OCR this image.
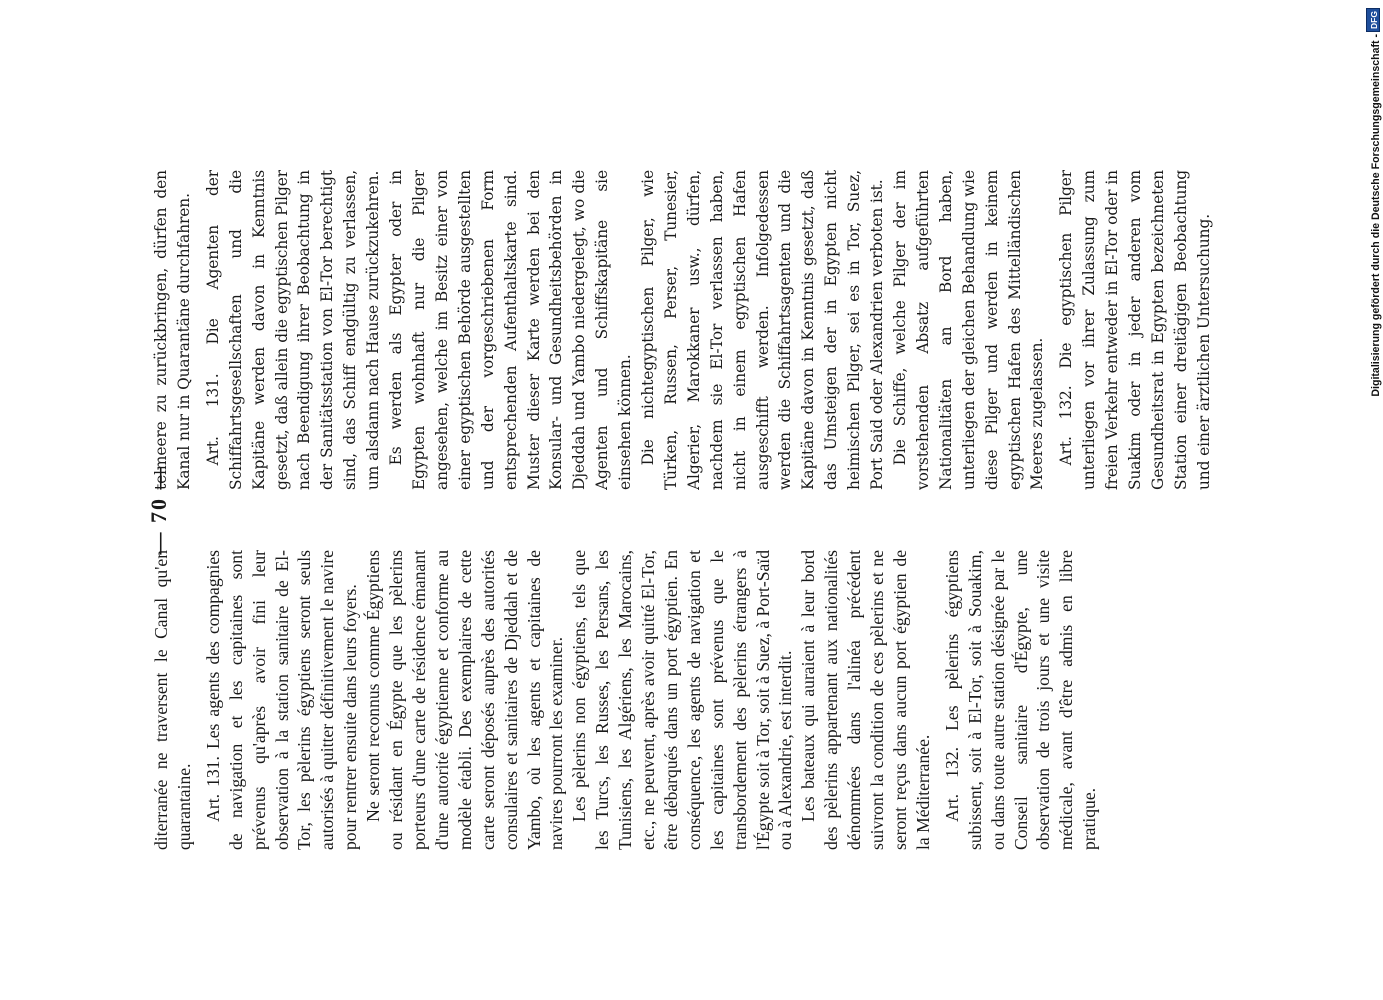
— 70 —

diterranée ne traversent le Canal qu'en quarantaine. Art. 131. Les agents des compagnies de navigation et les capitaines sont prévenus qu'après avoir fini leur observation à la station sanitaire de El-Tor, les pèlerins égyptiens seront seuls autorisés à quitter définitivement le navire pour rentrer ensuite dans leurs foyers. Ne seront reconnus comme Égyptiens ou résidant en Égypte que les pèlerins porteurs d'une carte de résidence émanant d'une autorité égyptienne et conforme au modèle établi. Des exemplaires de cette carte seront déposés auprès des autorités consulaires et sanitaires de Djeddah et de Yambo, où les agents et capitaines de navires pourront les examiner. Les pèlerins non égyptiens, tels que les Turcs, les Russes, les Persans, les Tunisiens, les Algériens, les Marocains, etc., ne peuvent, après avoir quitté El-Tor, être débarqués dans un port égyptien. En conséquence, les agents de navigation et les capitaines sont prévenus que le transbordement des pèlerins étrangers à l'Égypte soit à Tor, soit à Suez, à Port-Saïd ou à Alexandrie, est interdit. Les bateaux qui auraient à leur bord des pèlerins appartenant aux nationalités dénommées dans l'alinéa précédent suivront la condition de ces pèlerins et ne seront reçus dans aucun port égyptien de la Méditerranée. Art. 132. Les pèlerins égyptiens subissent, soit à El-Tor, soit à Souakim, ou dans toute autre station désignée par le Conseil sanitaire d'Égypte, une observation de trois jours et une visite médicale, avant d'être admis en libre pratique.

telmeere zu zurückbringen, dürfen den Kanal nur in Quarantäne durchfahren. Art. 131. Die Agenten der Schiffahrtsgesellschaften und die Kapitäne werden davon in Kenntnis gesetzt, daß allein die egyptischen Pilger nach Beendigung ihrer Beobachtung in der Sanitätsstation von El-Tor berechtigt sind, das Schiff endgültig zu verlassen, um alsdann nach Hause zurückzukehren. Es werden als Egypter oder in Egypten wohnhaft nur die Pilger angesehen, welche im Besitz einer von einer egyptischen Behörde ausgestellten und der vorgeschriebenen Form entsprechenden Aufenthaltskarte sind. Muster dieser Karte werden bei den Konsular- und Gesundheitsbehörden in Djeddah und Yambo niedergelegt, wo die Agenten und Schiffskapitäne sie einsehen können. Die nichtegyptischen Pilger, wie Türken, Russen, Perser, Tunesier, Algerier, Marokkaner usw., dürfen, nachdem sie El-Tor verlassen haben, nicht in einem egyptischen Hafen ausgeschifft werden. Infolgedessen werden die Schiffahrtsagenten und die Kapitäne davon in Kenntnis gesetzt, daß das Umsteigen der in Egypten nicht heimischen Pilger, sei es in Tor, Suez, Port Said oder Alexandrien verboten ist. Die Schiffe, welche Pilger der im vorstehenden Absatz aufgeführten Nationalitäten an Bord haben, unterliegen der gleichen Behandlung wie diese Pilger und werden in keinem egyptischen Hafen des Mittelländischen Meeres zugelassen. Art. 132. Die egyptischen Pilger unterliegen vor ihrer Zulassung zum freien Verkehr entweder in El-Tor oder in Suakim oder in jeder anderen vom Gesundheitsrat in Egypten bezeichneten Station einer dreitägigen Beobachtung und einer ärztlichen Untersuchung.	Digitalisierung gefördert durch die Deutsche Forschungsgemeinschaft -
DFG
